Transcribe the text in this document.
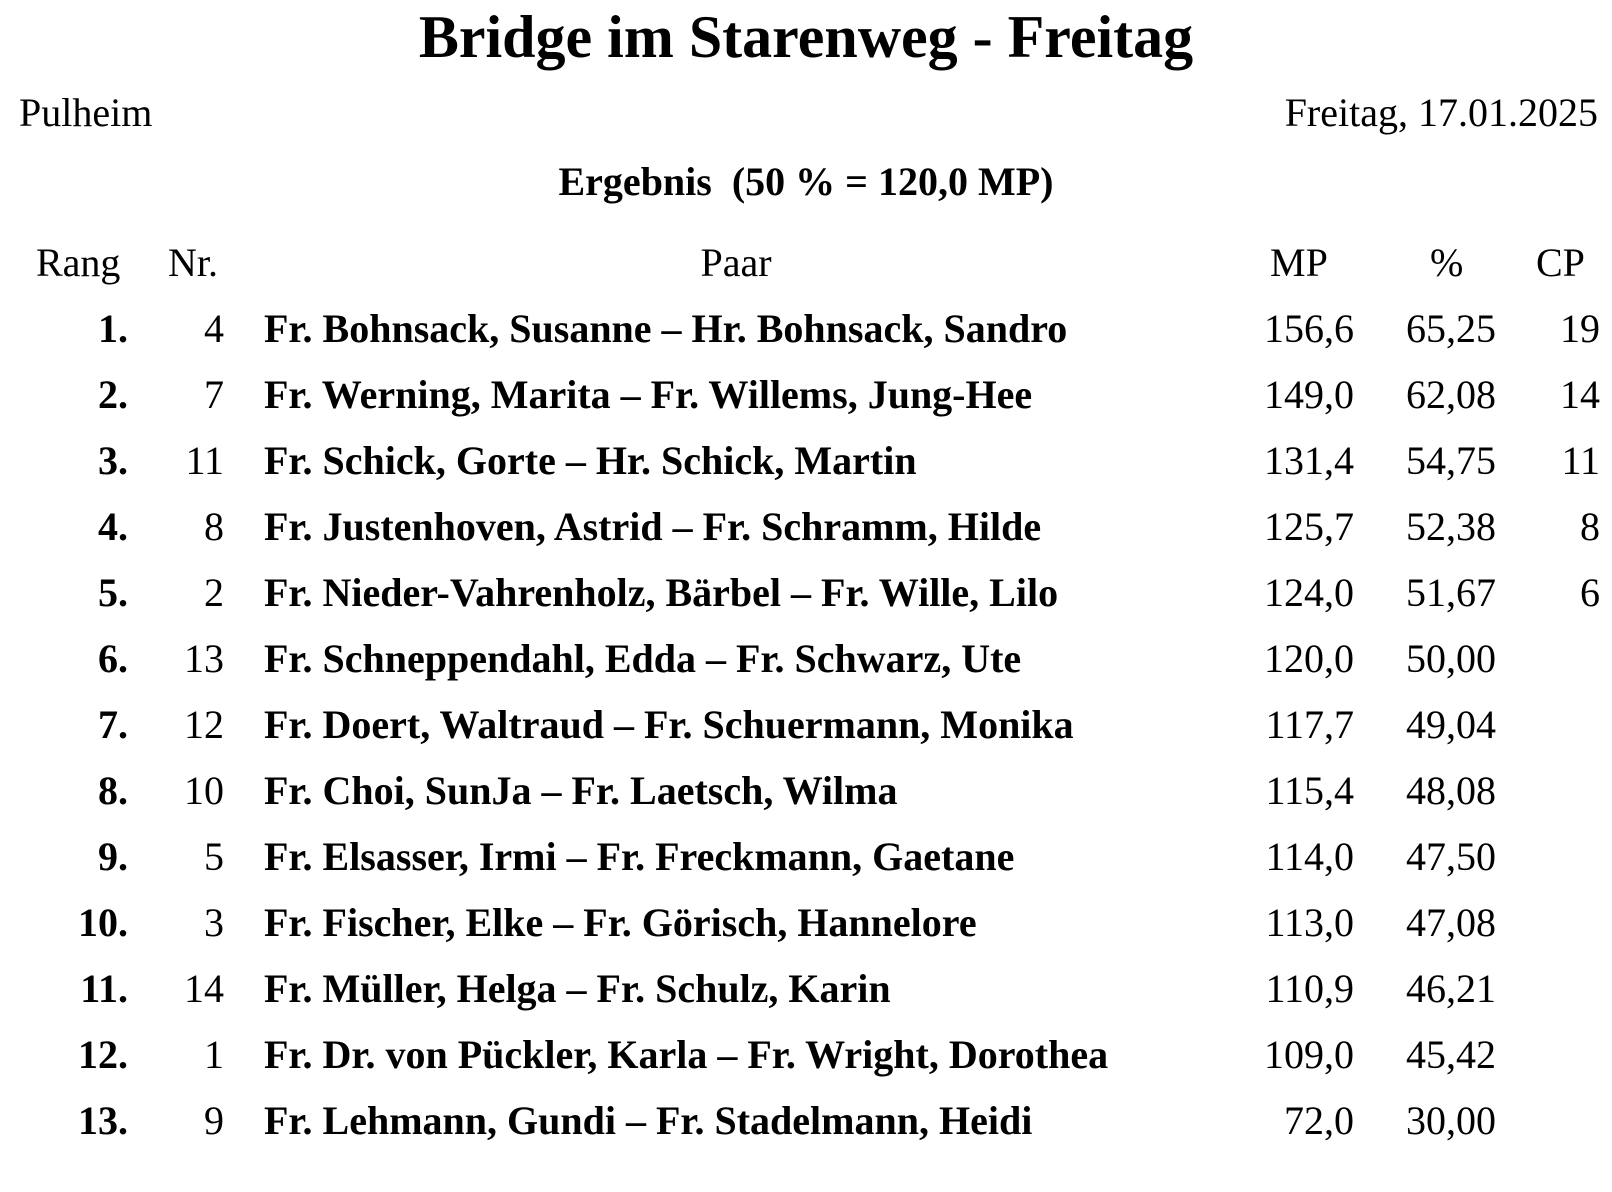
Bridge im Starenweg - Freitag
Pulheim	Freitag, 17.01.2025
Ergebnis  (50 % = 120,0 MP)
Rang Nr.	Paar	MP	% CP
1.	4 Fr. Bohnsack, Susanne – Hr. Bohnsack, Sandro	156,6	65,25	19
2.	7 Fr. Werning, Marita – Fr. Willems, Jung-Hee	149,0	62,08	14
3.	11 Fr. Schick, Gorte – Hr. Schick, Martin	131,4	54,75	11
4.	8 Fr. Justenhoven, Astrid – Fr. Schramm, Hilde	125,7	52,38	8
5.	2 Fr. Nieder-Vahrenholz, Bärbel – Fr. Wille, Lilo	124,0	51,67	6
6.	13 Fr. Schneppendahl, Edda – Fr. Schwarz, Ute	120,0	50,00
7.	12 Fr. Doert, Waltraud – Fr. Schuermann, Monika	117,7	49,04
8.	10 Fr. Choi, SunJa – Fr. Laetsch, Wilma	115,4	48,08
9.	5 Fr. Elsasser, Irmi – Fr. Freckmann, Gaetane	114,0	47,50
10.	3 Fr. Fischer, Elke – Fr. Görisch, Hannelore	113,0	47,08
11.	14 Fr. Müller, Helga – Fr. Schulz, Karin	110,9	46,21
12.	1 Fr. Dr. von Pückler, Karla – Fr. Wright, Dorothea	109,0	45,42
13.	9 Fr. Lehmann, Gundi – Fr. Stadelmann, Heidi	72,0	30,00
